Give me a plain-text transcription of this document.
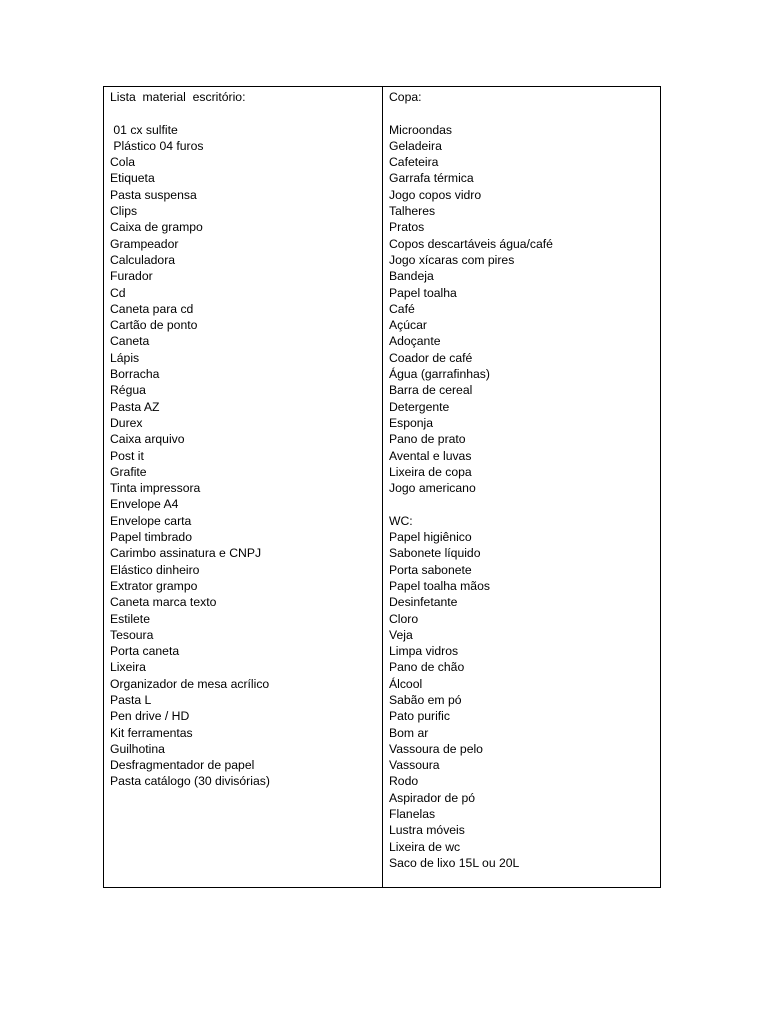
Lista  material  escritório:
01 cx sulfite
Plástico 04 furos
Cola
Etiqueta
Pasta suspensa
Clips
Caixa de grampo
Grampeador
Calculadora
Furador
Cd
Caneta para cd
Cartão de ponto
Caneta
Lápis
Borracha
Régua
Pasta AZ
Durex
Caixa arquivo
Post it
Grafite
Tinta impressora
Envelope A4
Envelope carta
Papel timbrado
Carimbo assinatura e CNPJ
Elástico dinheiro
Extrator grampo
Caneta marca texto
Estilete
Tesoura
Porta caneta
Lixeira
Organizador de mesa acrílico
Pasta L
Pen drive / HD
Kit ferramentas
Guilhotina
Desfragmentador de papel
Pasta catálogo (30 divisórias)
Copa:
Microondas
Geladeira
Cafeteira
Garrafa térmica
Jogo copos vidro
Talheres
Pratos
Copos descartáveis água/café
Jogo xícaras com pires
Bandeja
Papel toalha
Café
Açúcar
Adoçante
Coador de café
Água (garrafinhas)
Barra de cereal
Detergente
Esponja
Pano de prato
Avental e luvas
Lixeira de copa
Jogo americano
WC:
Papel higiênico
Sabonete líquido
Porta sabonete
Papel toalha mãos
Desinfetante
Cloro
Veja
Limpa vidros
Pano de chão
Álcool
Sabão em pó
Pato purific
Bom ar
Vassoura de pelo
Vassoura
Rodo
Aspirador de pó
Flanelas
Lustra móveis
Lixeira de wc
Saco de lixo 15L ou 20L
